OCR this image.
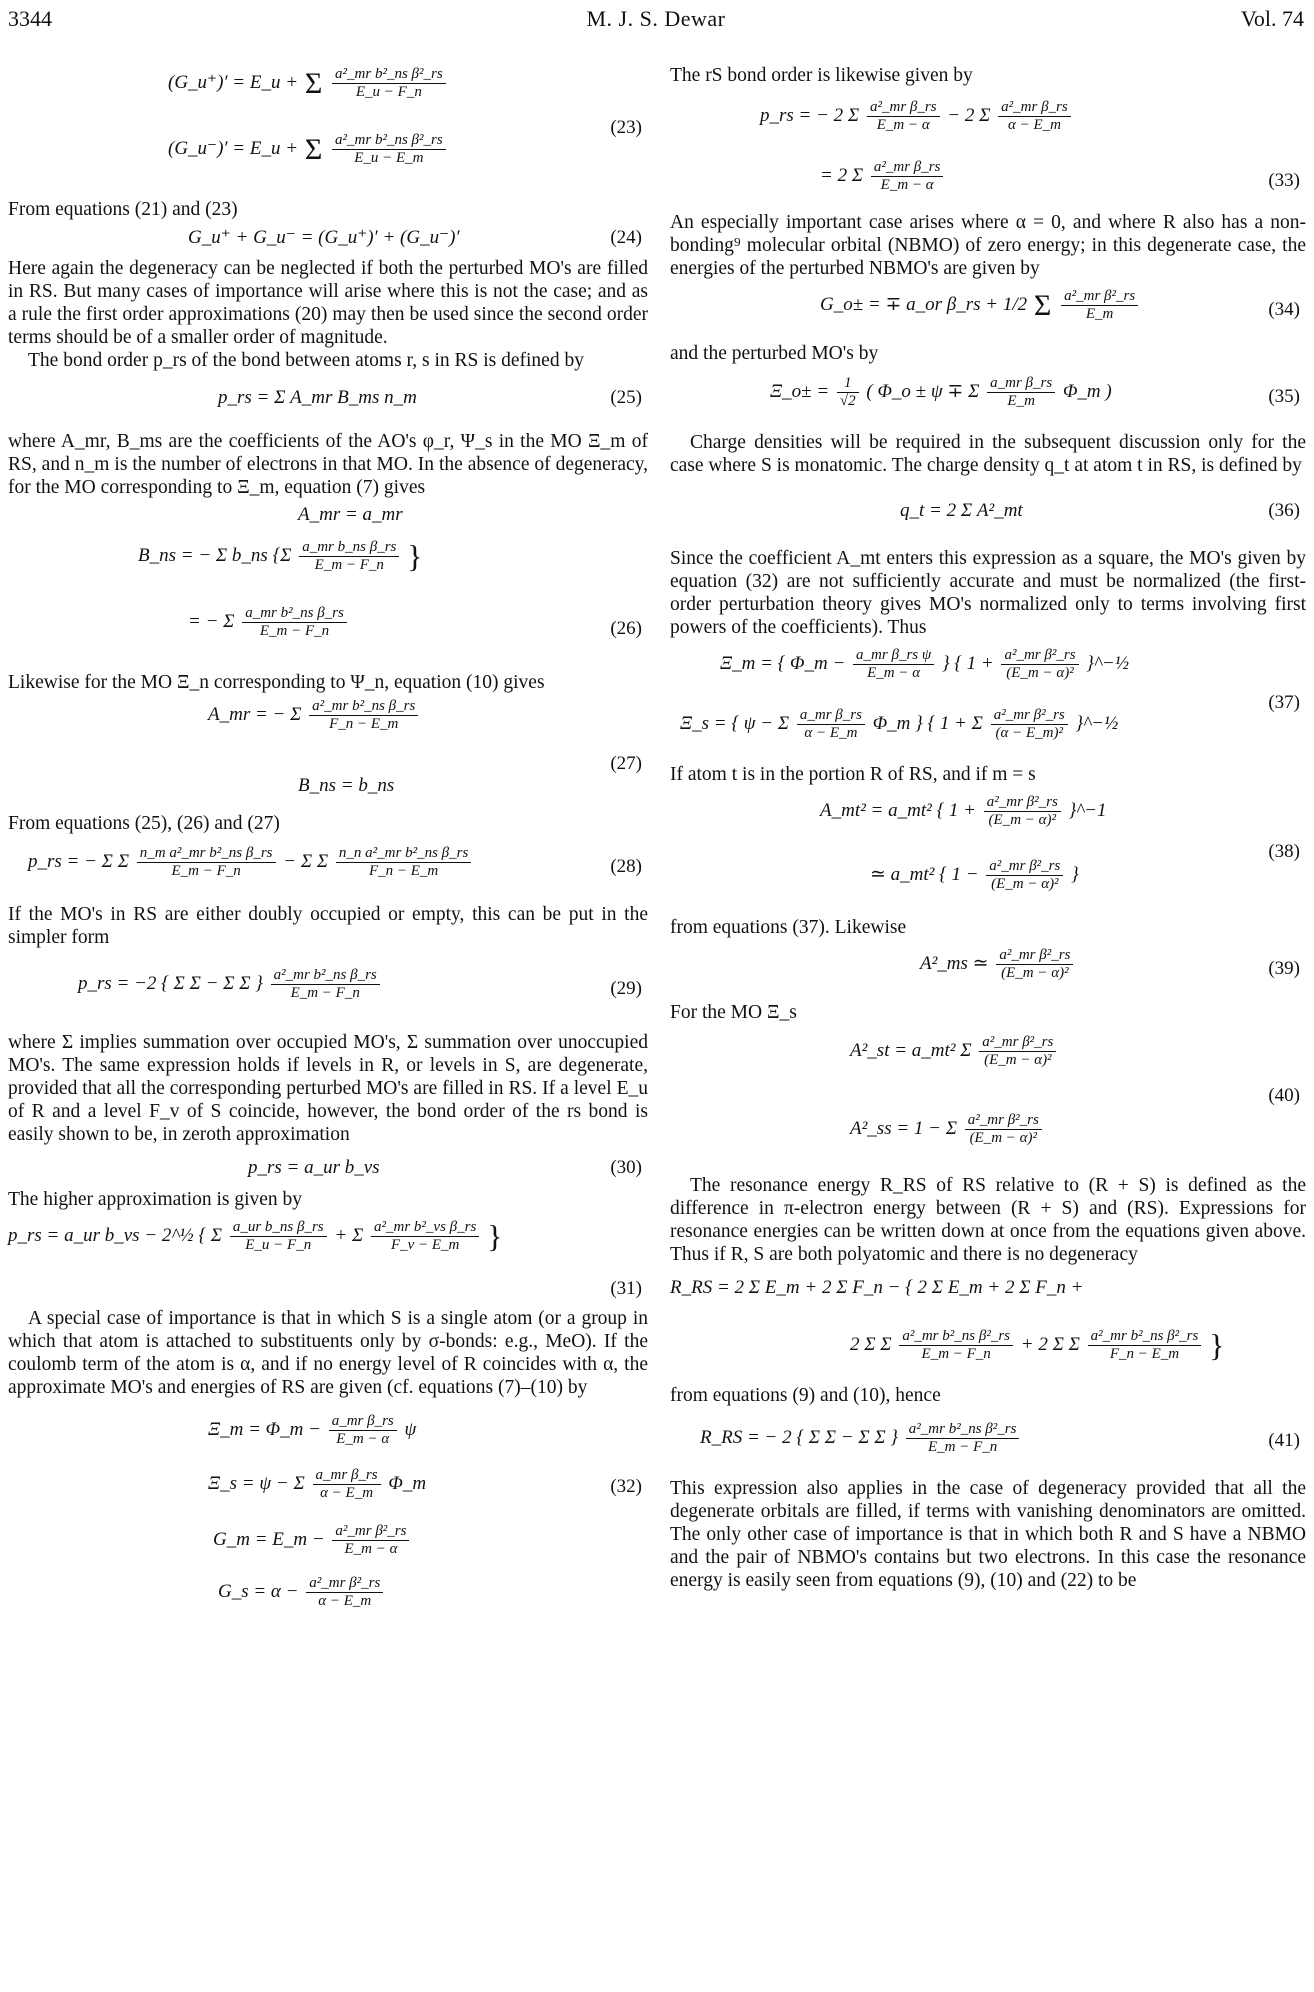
3344	M. J. S. Dewar	Vol. 74
(G_u⁺)′ = E_u + Σ
$\frac{\text{a²\_mr b²\_ns β²\_rs}}{E\_u - F\_n}$
(G_u⁻)′ = E_u + Σ
$\frac{\text{a²\_mr b²\_ns β²\_rs}}{E\_u - E\_m}$
(23)

From equations (21) and (23)

G_u⁺ + G_u⁻ = (G_u⁺)′ + (G_u⁻)′	(24)

Here again the degeneracy can be neglected if both the perturbed MO's are filled in RS. But many cases of importance will arise where this is not the case; and as a rule the first order approximations (20) may then be used since the second order terms should be of a smaller order of magnitude.

The bond order p_rs of the bond between atoms r, s in RS is defined by

p_rs = Σ A_mr B_ms n_m	(25)

where A_mr, B_ms are the coefficients of the AO's φ_r, Ψ_s in the MO Ξ_m of RS, and n_m is the number of electrons in that MO. In the absence of degeneracy, for the MO corresponding to Ξ_m, equation (7) gives

A_mr = a_mr
B_ns = − Σ b_ns {$\Sigma \frac{\text{a\_mr b\_ns β\_rs}}{E\_m - F\_n}$ }
= − Σ $\frac{\text{a\_mr b²\_ns β\_rs}}{E\_m - F\_n}$	(26)

Likewise for the MO Ξ_n corresponding to Ψ_n, equation (10) gives

A_mr = − Σ $\frac{\text{a²\_mr b²\_ns β\_rs}}{F\_n - E\_m}$
B_ns = b_ns
(27)

From equations (25), (26) and (27)

p_rs = − Σ Σ $\frac{\text{n\_m a²\_mr b²\_ns β\_rs}}{E\_m - F\_n} - \Sigma$ Σ $\frac{\text{n\_n a²\_mr b²\_ns β\_rs}}{F\_n - E\_m}$	(28)

If the MO's in RS are either doubly occupied or empty, this can be put in the simpler form

p_rs = −2 { Σ Σ − Σ Σ } $\frac{\text{a²\_mr b²\_ns β\_rs}}{E\_m - F\_n}$	(29)

where Σ implies summation over occupied MO's, Σ summation over unoccupied MO's. The same expression holds if levels in R, or levels in S, are degenerate, provided that all the corresponding perturbed MO's are filled in RS. If a level E_u of R and a level F_v of S coincide, however, the bond order of the rs bond is easily shown to be, in zeroth approximation

p_rs = a_ur b_vs	(30)

The higher approximation is given by

p_rs = a_ur b_vs − 2^½ { Σ $\frac{\text{a\_ur b\_ns β\_rs}}{E\_u - F\_n} + \Sigma \frac{\text{a²\_mr b²\_vs β\_rs}}{F\_v - E\_m}$ }
(31)

A special case of importance is that in which S is a single atom (or a group in which that atom is attached to substituents only by σ-bonds: e.g., MeO). If the coulomb term of the atom is α, and if no energy level of R coincides with α, the approximate MO's and energies of RS are given (cf. equations (7)–(10) by

Ξ_m = Φ_m − $\frac{\text{a\_mr β\_rs}}{E\_m - \alpha}$ ψ
Ξ_s = ψ − Σ $\frac{\text{a\_mr β\_rs}}{\alpha - E\_m}$ Φ_m
G_m = E_m − $\frac{\text{a²\_mr β²\_rs}}{E\_m - \alpha}$
G_s = $\alpha - \frac{\text{a²\_mr β²\_rs}}{\alpha - E\_m}$
(32)

The rS bond order is likewise given by

p_rs = − 2 Σ $\frac{\text{a²\_mr β\_rs}}{E\_m - \alpha} - 2$ Σ $\frac{\text{a²\_mr β\_rs}}{\alpha - E\_m}$
= 2 Σ $\frac{\text{a²\_mr β\_rs}}{E\_m - \alpha}$	(33)

An especially important case arises where α = 0, and where R also has a non-bonding⁹ molecular orbital (NBMO) of zero energy; in this degenerate case, the energies of the perturbed NBMO's are given by

G_o± = ∓ a_or β_rs + 1/2 Σ
$\frac{\text{a²\_mr β²\_rs}}{E\_m}$	(34)

and the perturbed MO's by

Ξ_o± = $\frac{1}{√2}$ ( Φ_o ± ψ ∓ Σ $\frac{\text{a\_mr β\_rs}}{E\_m}$ Φ_m )	(35)

Charge densities will be required in the subsequent discussion only for the case where S is monatomic. The charge density q_t at atom t in RS, is defined by

q_t = 2 Σ A²_mt	(36)

Since the coefficient A_mt enters this expression as a square, the MO's given by equation (32) are not sufficiently accurate and must be normalized (the first-order perturbation theory gives MO's normalized only to terms involving first powers of the coefficients). Thus

Ξ_m = { Φ_m − $\frac{\text{a\_mr β\_rs ψ}}{E\_m - \alpha}$ } { $1 + \frac{\text{a²\_mr β²\_rs}}{\text{(E\_m − α)²}}$ }^−½
Ξ_s = { ψ − Σ $\frac{\text{a\_mr β\_rs}}{\alpha - E\_m}$ Φ_m } { 1 + Σ $\frac{\text{a²\_mr β²\_rs}}{\text{(α − E\_m)²}}$ }^−½
(37)

If atom t is in the portion R of RS, and if m = s

A_mt² = a_mt² { $1 + \frac{\text{a²\_mr β²\_rs}}{\text{(E\_m − α)²}}$ }^−1
≃ a_mt² { $1 - \frac{\text{a²\_mr β²\_rs}}{\text{(E\_m − α)²}}$ }
(38)

from equations (37). Likewise

A²_ms ≃ $\frac{\text{a²\_mr β²\_rs}}{\text{(E\_m − α)²}}$	(39)

For the MO Ξ_s

A²_st = a_mt² Σ $\frac{\text{a²\_mr β²\_rs}}{\text{(E\_m − α)²}}$
A²_ss = 1 − Σ $\frac{\text{a²\_mr β²\_rs}}{\text{(E\_m − α)²}}$
(40)

The resonance energy R_RS of RS relative to (R + S) is defined as the difference in π-electron energy between (R + S) and (RS). Expressions for resonance energies can be written down at once from the equations given above. Thus if R, S are both polyatomic and there is no degeneracy

R_RS = 2 Σ E_m + 2 Σ F_n − { 2 Σ E_m + 2 Σ F_n +
2 Σ Σ $\frac{\text{a²\_mr b²\_ns β²\_rs}}{E\_m - F\_n} + 2$ Σ Σ $\frac{\text{a²\_mr b²\_ns β²\_rs}}{F\_n - E\_m}$ }

from equations (9) and (10), hence

R_RS = − 2 { Σ Σ − Σ Σ } $\frac{\text{a²\_mr b²\_ns β²\_rs}}{E\_m - F\_n}$	(41)

This expression also applies in the case of degeneracy provided that all the degenerate orbitals are filled, if terms with vanishing denominators are omitted. The only other case of importance is that in which both R and S have a NBMO and the pair of NBMO's contains but two electrons. In this case the resonance energy is easily seen from equations (9), (10) and (22) to be
